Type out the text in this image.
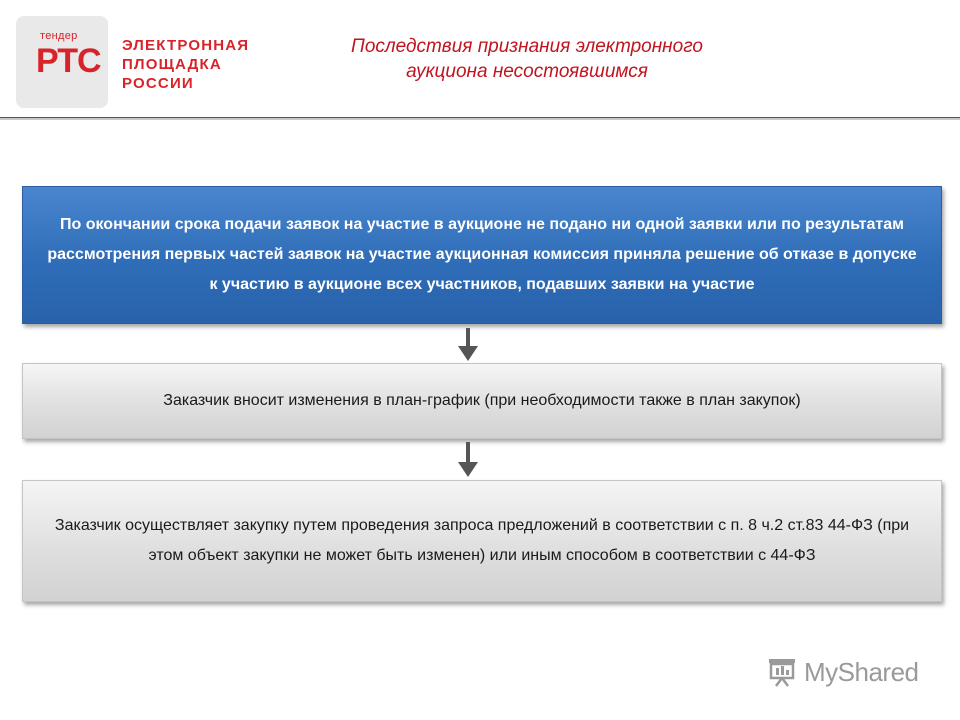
тендер
РТС ЭЛЕКТРОННАЯ
ПЛОЩАДКА
РОССИИ
Последствия признания электронного
аукциона несостоявшимся
По окончании срока подачи заявок на участие в аукционе не подано ни одной заявки или по результатам рассмотрения первых частей заявок на участие аукционная комиссия приняла решение об отказе в допуске к участию в аукционе всех участников, подавших заявки на участие
Заказчик вносит изменения в план-график (при необходимости также в план закупок)
Заказчик осуществляет закупку путем проведения запроса предложений в соответствии с п. 8 ч.2 ст.83 44-ФЗ (при этом объект закупки не может быть изменен) или иным способом в соответствии с 44-ФЗ
MyShared
